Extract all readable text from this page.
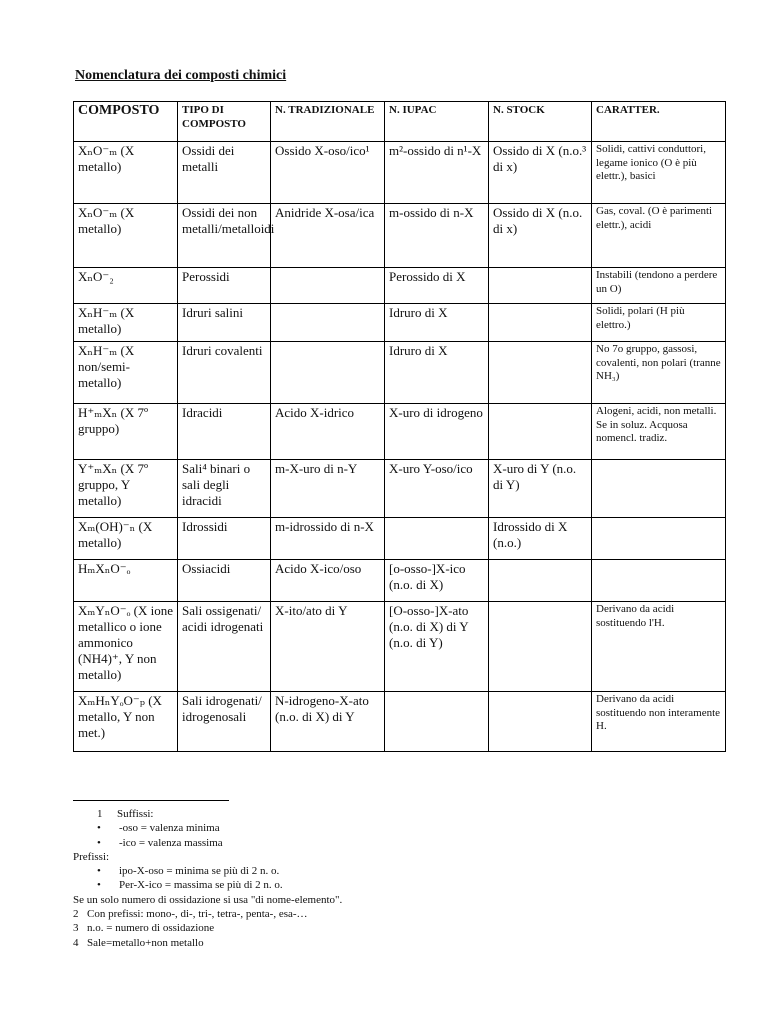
Nomenclatura dei composti chimici
COMPOSTO	TIPO DI COMPOSTO	N. TRADIZIONALE	N. IUPAC	N. STOCK	CARATTER.
XₙO⁻ₘ (X metallo)	Ossidi dei metalli	Ossido X-oso/ico¹	m²-ossido di n¹-X	Ossido di X (n.o.³ di x)	Solidi, cattivi conduttori, legame ionico (O è più elettr.), basici
XₙO⁻ₘ (X metallo)	Ossidi dei non metalli/metalloidi	Anidride X-osa/ica	m-ossido di n-X	Ossido di X (n.o. di x)	Gas, coval. (O è parimenti elettr.), acidi
XₙO⁻₂	Perossidi		Perossido di X		Instabili (tendono a perdere un O)
XₙH⁻ₘ (X metallo)	Idruri salini		Idruro di X		Solidi, polari (H più elettro.)
XₙH⁻ₘ (X non/semi-metallo)	Idruri covalenti		Idruro di X		No 7o gruppo, gassosi, covalenti, non polari (tranne NH₃)
H⁺ₘXₙ (X 7º gruppo)	Idracidi	Acido X-idrico	X-uro di idrogeno		Alogeni, acidi, non metalli. Se in soluz. Acquosa nomencl. tradiz.
Y⁺ₘXₙ (X 7º gruppo, Y metallo)	Sali⁴ binari o sali degli idracidi	m-X-uro di n-Y	X-uro Y-oso/ico	X-uro di Y (n.o. di Y)	
Xₘ(OH)⁻ₙ (X metallo)	Idrossidi	m-idrossido di n-X		Idrossido di X (n.o.)	
HₘXₙO⁻ₒ	Ossiacidi	Acido X-ico/oso	[o-osso-]X-ico (n.o. di X)		
XₘYₙO⁻ₒ (X ione metallico o ione ammonico (NH4)⁺, Y non metallo)	Sali ossigenati/ acidi idrogenati	X-ito/ato di Y	[O-osso-]X-ato (n.o. di X) di Y (n.o. di Y)		Derivano da acidi sostituendo l'H.
XₘHₙYₒO⁻ₚ (X metallo, Y non met.)	Sali idrogenati/ idrogenosali	N-idrogeno-X-ato (n.o. di X) di Y			Derivano da acidi sostituendo non interamente H.
1 Suffissi:
• -oso = valenza minima
• -ico = valenza massima
Prefissi:
• ipo-X-oso = minima se più di 2 n. o.
• Per-X-ico = massima se più di 2 n. o.
Se un solo numero di ossidazione si usa "di nome-elemento".
2 Con prefissi: mono-, di-, tri-, tetra-, penta-, esa-…
3 n.o. = numero di ossidazione
4 Sale=metallo+non metallo
